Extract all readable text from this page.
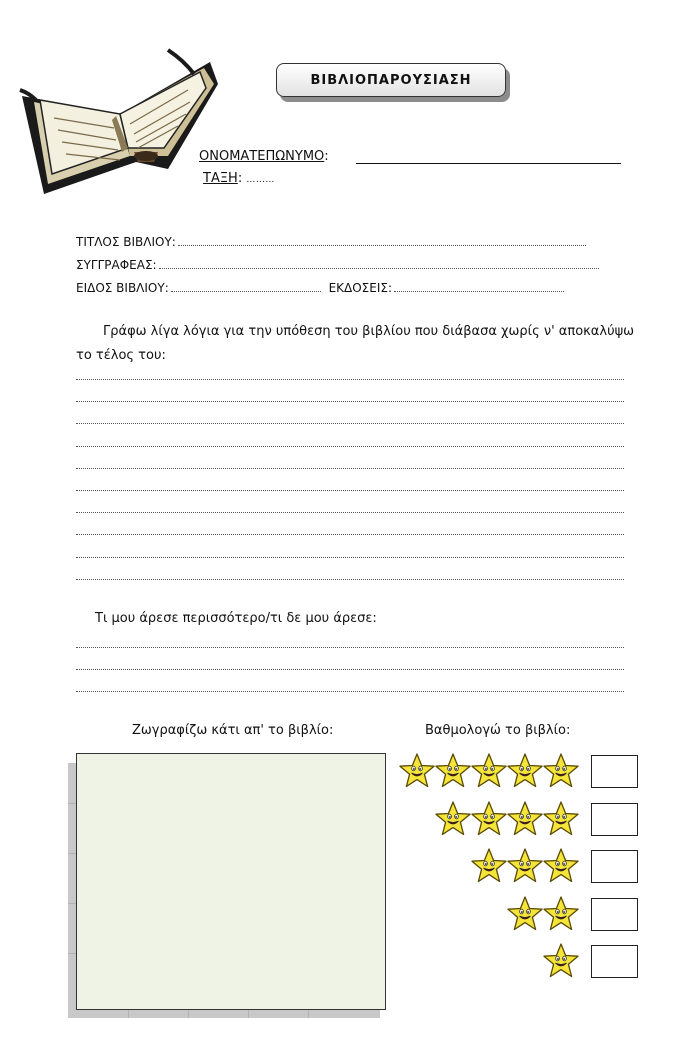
ΒΙΒΛΙΟΠΑΡΟΥΣΙΑΣΗ
ΟΝΟΜΑΤΕΠΩΝΥΜΟ:
ΤΑΞΗ: ………
ΤΙΤΛΟΣ ΒΙΒΛΙΟΥ:
ΣΥΓΓΡΑΦΕΑΣ:
ΕΙΔΟΣ ΒΙΒΛΙΟΥ:	ΕΚΔΟΣΕΙΣ:
Γράφω λίγα λόγια για την υπόθεση του βιβλίου που διάβασα χωρίς ν' αποκαλύψω το τέλος του:
Τι μου άρεσε περισσότερο/τι δε μου άρεσε:
Ζωγραφίζω κάτι απ' το βιβλίο:	Βαθμολογώ το βιβλίο:
